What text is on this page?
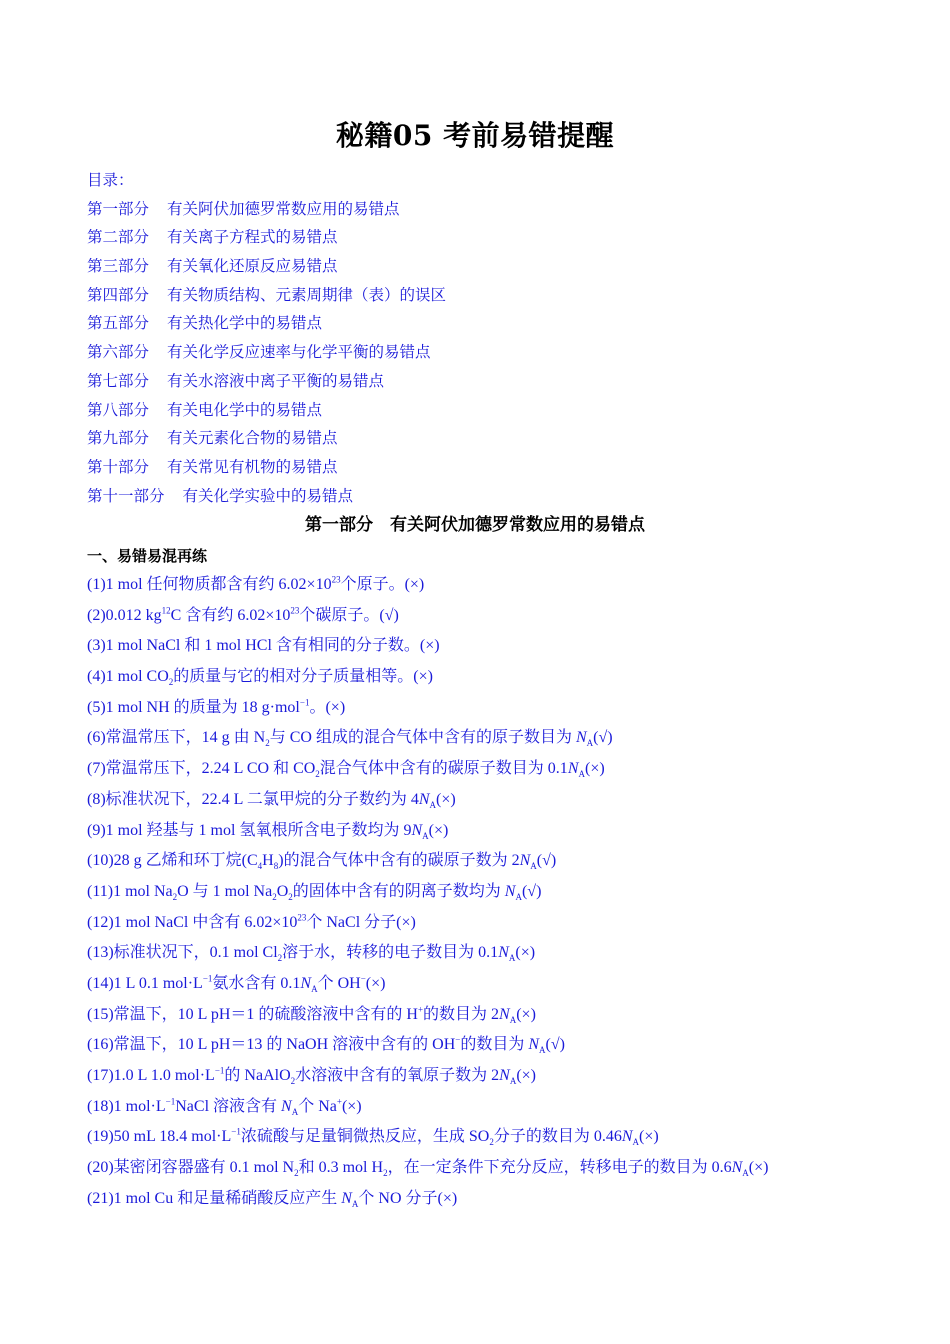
秘籍05 考前易错提醒
目录：
第一部分 有关阿伏加德罗常数应用的易错点
第二部分 有关离子方程式的易错点
第三部分 有关氧化还原反应易错点
第四部分 有关物质结构、元素周期律（表）的误区
第五部分 有关热化学中的易错点
第六部分 有关化学反应速率与化学平衡的易错点
第七部分 有关水溶液中离子平衡的易错点
第八部分 有关电化学中的易错点
第九部分 有关元素化合物的易错点
第十部分 有关常见有机物的易错点
第十一部分 有关化学实验中的易错点
第一部分　有关阿伏加德罗常数应用的易错点
一、易错易混再练
(1)1 mol 任何物质都含有约 $6.02\times 10^{23}$个原子。(×)
(2)0.012 $kg^{12}C$ 含有约 $6.02\times 10^{23}$个碳原子。(√)
(3)1 mol NaCl 和 1 mol HCl 含有相同的分子数。(×)
(4)1 mol $CO_2$的质量与它的相对分子质量相等。(×)
(5)1 mol NH 的质量为 18 g·mol$^{-1}$。(×)
(6)常温常压下，14 g 由 $N_2$与 CO 组成的混合气体中含有的原子数目为 $N_A(√)$
(7)常温常压下，2.24 L CO 和 $CO_2$混合气体中含有的碳原子数目为 $0.1N_A(\times)$
(8)标准状况下，22.4 L 二氯甲烷的分子数约为 $4N_A(\times)$
(9)1 mol 羟基与 1 mol 氢氧根所含电子数均为 $9N_A(\times)$
(10)28 g 乙烯和环丁烷$(C_4H_8)$的混合气体中含有的碳原子数为 $2N_A(√)$
(11)1 mol $Na_2O$ 与 1 mol $Na_2O_2$的固体中含有的阴离子数均为 $N_A(√)$
(12)1 mol NaCl 中含有 $6.02\times 10^{23}$个 NaCl 分子(×)
(13)标准状况下，0.1 mol $Cl_2$溶于水，转移的电子数目为 $0.1N_A(\times)$
(14)1 L 0.1 $mol\cdot L^{-1}$氨水含有 $0.1N_A$个 OH−(×)
(15)常温下，10 L pH＝1 的硫酸溶液中含有的 H+的数目为 $2N_A(\times)$
(16)常温下，10 L pH＝13 的 NaOH 溶液中含有的 OH−的数目为 $N_A(√)$
(17)1.0 L 1.0 $mol\cdot L^{-1}$的 NaAlO$_2$水溶液中含有的氧原子数为 $2N_A(\times)$
(18)1 $mol\cdot L^{-1}NaCl$ 溶液含有 $N_A$个 Na+(×)
(19)50 mL 18.4 $mol\cdot L^{-1}$浓硫酸与足量铜微热反应，生成 $SO_2$分子的数目为 $0.46N_A(\times)$
(20)某密闭容器盛有 0.1 mol $N_2$和 0.3 mol $H_2$，在一定条件下充分反应，转移电子的数目为 $0.6N_A(\times)$
(21)1 mol Cu 和足量稀硝酸反应产生 $N_A$个 NO 分子(×)
